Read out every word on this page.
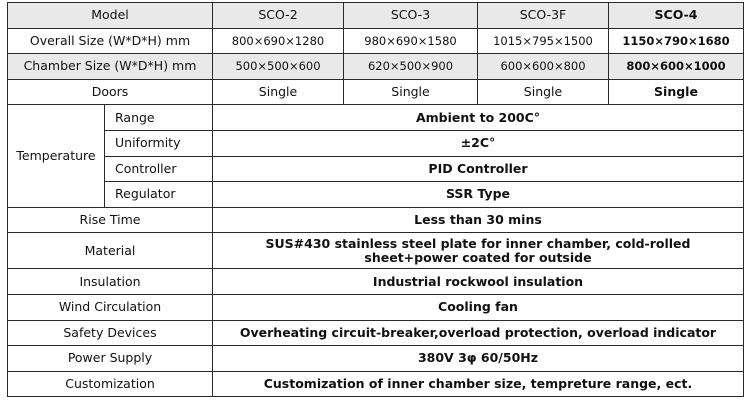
Model		SCO-2	SCO-3	SCO-3F	SCO-4
Overall Size (W*D*H) mm		800×690×1280	980×690×1580	1015×795×1500	1150×790×1680
Chamber Size (W*D*H) mm		500×500×600	620×500×900	600×600×800	800×600×1000
Doors		Single	Single	Single	Single
Temperature	Range	Ambient to 200C°			
	Uniformity	±2C°			
	Controller	PID Controller			
	Regulator	SSR Type			
Rise Time		Less than 30 mins			
Material		SUS#430 stainless steel plate for inner chamber, cold-rolled sheet+power coated for outside			
Insulation		Industrial rockwool insulation			
Wind Circulation		Cooling fan			
Safety Devices		Overheating circuit-breaker,overload protection, overload indicator			
Power Supply		380V 3φ 60/50Hz			
Customization		Customization of inner chamber size, tempreture range, ect.			
